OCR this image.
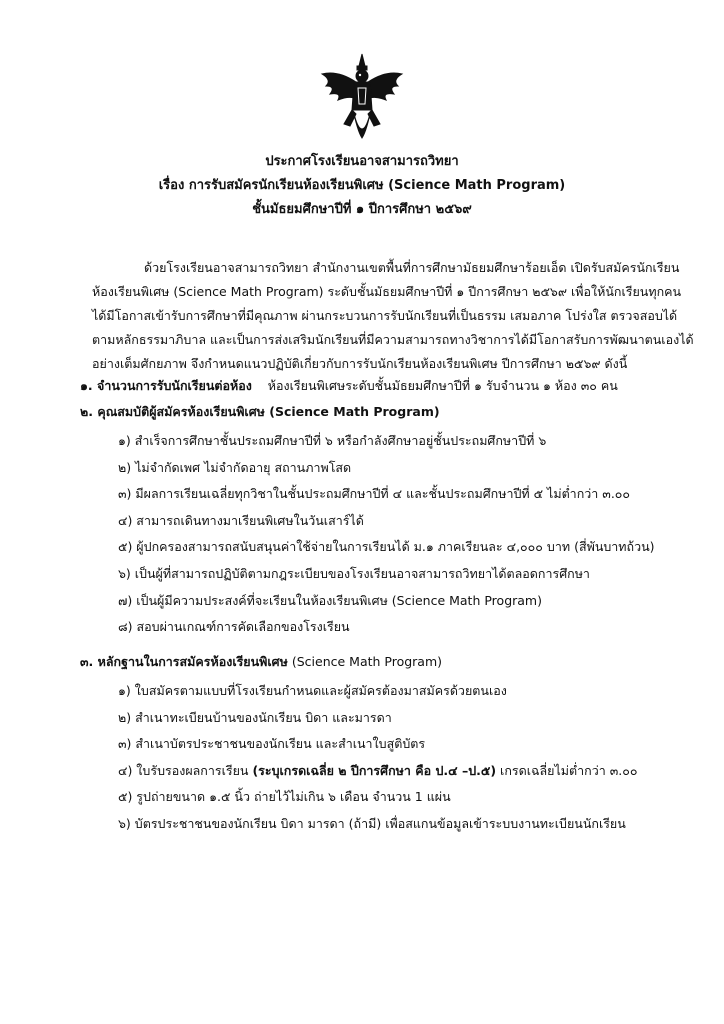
ประกาศโรงเรียนอาจสามารถวิทยา
เรื่อง การรับสมัครนักเรียนห้องเรียนพิเศษ (Science Math Program)
ชั้นมัธยมศึกษาปีที่ ๑ ปีการศึกษา ๒๕๖๙
ด้วยโรงเรียนอาจสามารถวิทยา สำนักงานเขตพื้นที่การศึกษามัธยมศึกษาร้อยเอ็ด เปิดรับสมัครนักเรียน
ห้องเรียนพิเศษ (Science Math Program) ระดับชั้นมัธยมศึกษาปีที่ ๑ ปีการศึกษา ๒๕๖๙ เพื่อให้นักเรียนทุกคน
ได้มีโอกาสเข้ารับการศึกษาที่มีคุณภาพ ผ่านกระบวนการรับนักเรียนที่เป็นธรรม เสมอภาค โปร่งใส ตรวจสอบได้
ตามหลักธรรมาภิบาล และเป็นการส่งเสริมนักเรียนที่มีความสามารถทางวิชาการได้มีโอกาสรับการพัฒนาตนเองได้
อย่างเต็มศักยภาพ จึงกำหนดแนวปฏิบัติเกี่ยวกับการรับนักเรียนห้องเรียนพิเศษ ปีการศึกษา ๒๕๖๙ ดังนี้
๑. จำนวนการรับนักเรียนต่อห้อง ห้องเรียนพิเศษระดับชั้นมัธยมศึกษาปีที่ ๑ รับจำนวน ๑ ห้อง ๓๐ คน
๒. คุณสมบัติผู้สมัครห้องเรียนพิเศษ (Science Math Program)
๑) สำเร็จการศึกษาชั้นประถมศึกษาปีที่ ๖ หรือกำลังศึกษาอยู่ชั้นประถมศึกษาปีที่ ๖
๒) ไม่จำกัดเพศ ไม่จำกัดอายุ สถานภาพโสด
๓) มีผลการเรียนเฉลี่ยทุกวิชาในชั้นประถมศึกษาปีที่ ๔ และชั้นประถมศึกษาปีที่ ๕ ไม่ต่ำกว่า ๓.๐๐
๔) สามารถเดินทางมาเรียนพิเศษในวันเสาร์ได้
๕) ผู้ปกครองสามารถสนับสนุนค่าใช้จ่ายในการเรียนได้ ม.๑ ภาคเรียนละ ๔,๐๐๐ บาท (สี่พันบาทถ้วน)
๖) เป็นผู้ที่สามารถปฏิบัติตามกฎระเบียบของโรงเรียนอาจสามารถวิทยาได้ตลอดการศึกษา
๗) เป็นผู้มีความประสงค์ที่จะเรียนในห้องเรียนพิเศษ (Science Math Program)
๘) สอบผ่านเกณฑ์การคัดเลือกของโรงเรียน
๓. หลักฐานในการสมัครห้องเรียนพิเศษ (Science Math Program)
๑) ใบสมัครตามแบบที่โรงเรียนกำหนดและผู้สมัครต้องมาสมัครด้วยตนเอง
๒) สำเนาทะเบียนบ้านของนักเรียน บิดา และมารดา
๓) สำเนาบัตรประชาชนของนักเรียน และสำเนาใบสูติบัตร
๔) ใบรับรองผลการเรียน (ระบุเกรดเฉลี่ย ๒ ปีการศึกษา คือ ป.๔ –ป.๕) เกรดเฉลี่ยไม่ต่ำกว่า ๓.๐๐
๕) รูปถ่ายขนาด ๑.๕ นิ้ว ถ่ายไว้ไม่เกิน ๖ เดือน จำนวน 1 แผ่น
๖) บัตรประชาชนของนักเรียน บิดา มารดา (ถ้ามี) เพื่อสแกนข้อมูลเข้าระบบงานทะเบียนนักเรียน
